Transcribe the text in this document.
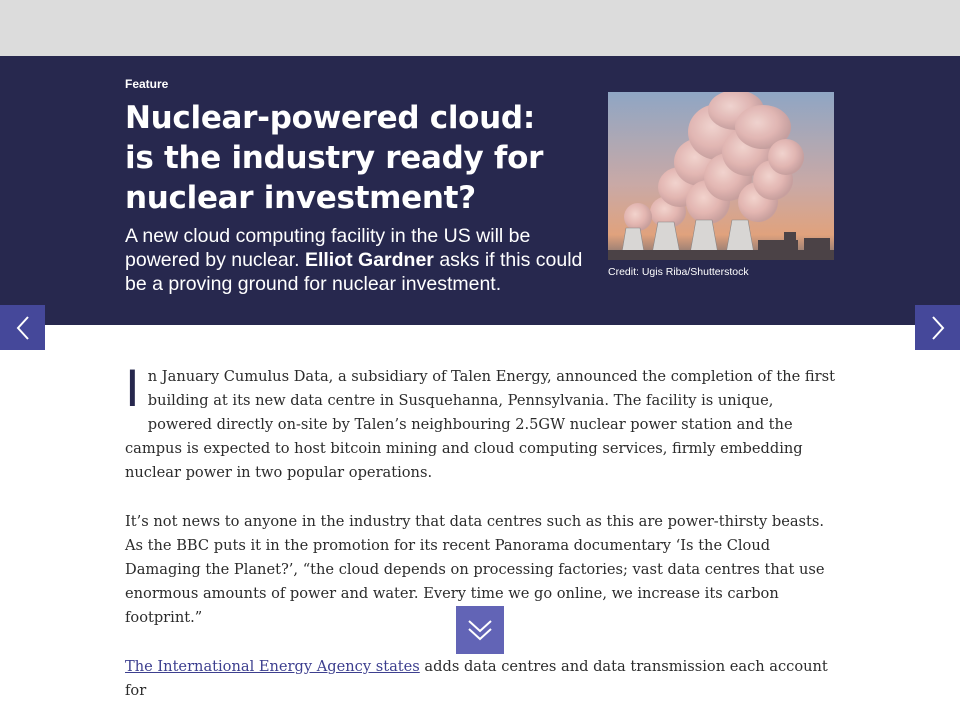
Feature
Nuclear-powered cloud: is the industry ready for nuclear investment?
A new cloud computing facility in the US will be powered by nuclear. Elliot Gardner asks if this could be a proving ground for nuclear investment.
Credit: Ugis Riba/Shutterstock

In January Cumulus Data, a subsidiary of Talen Energy, announced the completion of the first building at its new data centre in Susquehanna, Pennsylvania. The facility is unique, powered directly on-site by Talen’s neighbouring 2.5GW nuclear power station and the campus is expected to host bitcoin mining and cloud computing services, firmly embedding nuclear power in two popular operations.

It’s not news to anyone in the industry that data centres such as this are power-thirsty beasts. As the BBC puts it in the promotion for its recent Panorama documentary ‘Is the Cloud Damaging the Planet?’, “the cloud depends on processing factories; vast data centres that use enormous amounts of power and water. Every time we go online, we increase its carbon footprint.”

The International Energy Agency states adds data centres and data transmission each account for
